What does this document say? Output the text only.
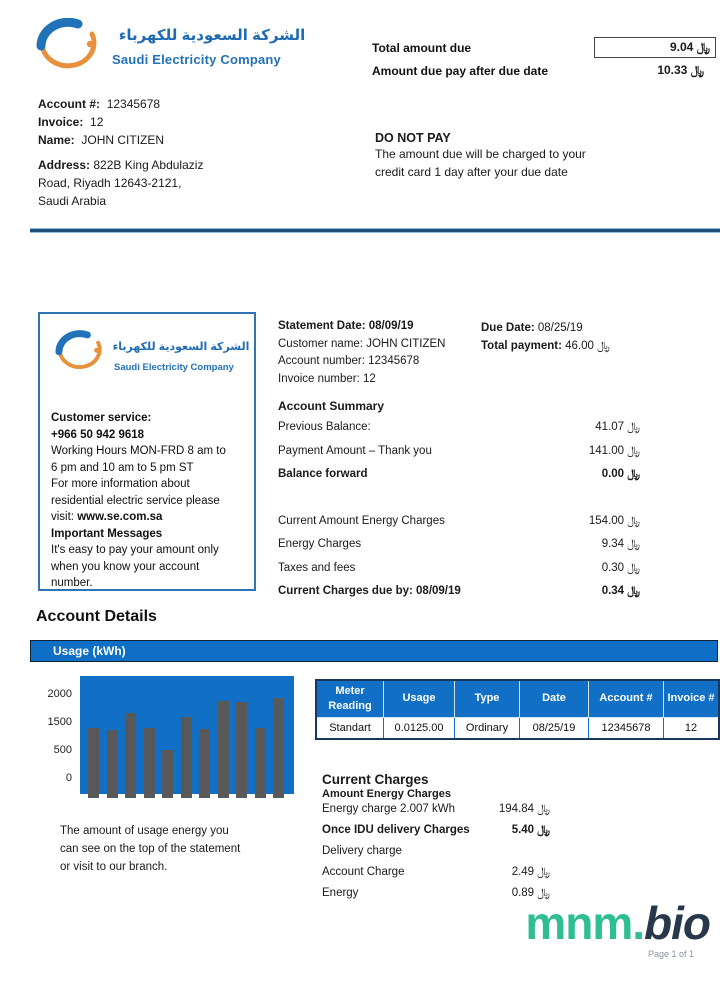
الشركة السعودية للكهرباء
Saudi Electricity Company
Total amount due	9.04 ﷼
Amount due pay after due date	10.33 ﷼
Account #: 12345678
Invoice: 12
Name: JOHN CITIZEN
Address: 822B King Abdulaziz
Road, Riyadh 12643-2121,
Saudi Arabia
DO NOT PAY
The amount due will be charged to your
credit card 1 day after your due date
الشركة السعودية للكهرباء
Saudi Electricity Company
Customer service:
+966 50 942 9618
Working Hours MON-FRD 8 am to
6 pm and 10 am to 5 pm ST
For more information about
residential electric service please
visit: www.se.com.sa
Important Messages
It's easy to pay your amount only
when you know your account
number.
Statement Date: 08/09/19
Customer name: JOHN CITIZEN
Account number: 12345678
Invoice number: 12
Due Date: 08/25/19
Total payment: 46.00 ﷼
Account Summary
Previous Balance:	41.07 ﷼
Payment Amount – Thank you	141.00 ﷼
Balance forward	0.00 ﷼
Current Amount Energy Charges	154.00 ﷼
Energy Charges	9.34 ﷼
Taxes and fees	0.30 ﷼
Current Charges due by: 08/09/19	0.34 ﷼
Account Details
Usage (kWh)
2000
1500
500
0
Meter Reading	Usage	Type	Date	Account #	Invoice #
Standart	0.0125.00	Ordinary	08/25/19	12345678	12
Current Charges
Amount Energy Charges
Energy charge 2.007 kWh	194.84 ﷼
Once IDU delivery Charges	5.40 ﷼
Delivery charge
Account Charge	2.49 ﷼
Energy	0.89 ﷼
The amount of usage energy you
can see on the top of the statement
or visit to our branch.
mnm.bio
Page 1 of 1
